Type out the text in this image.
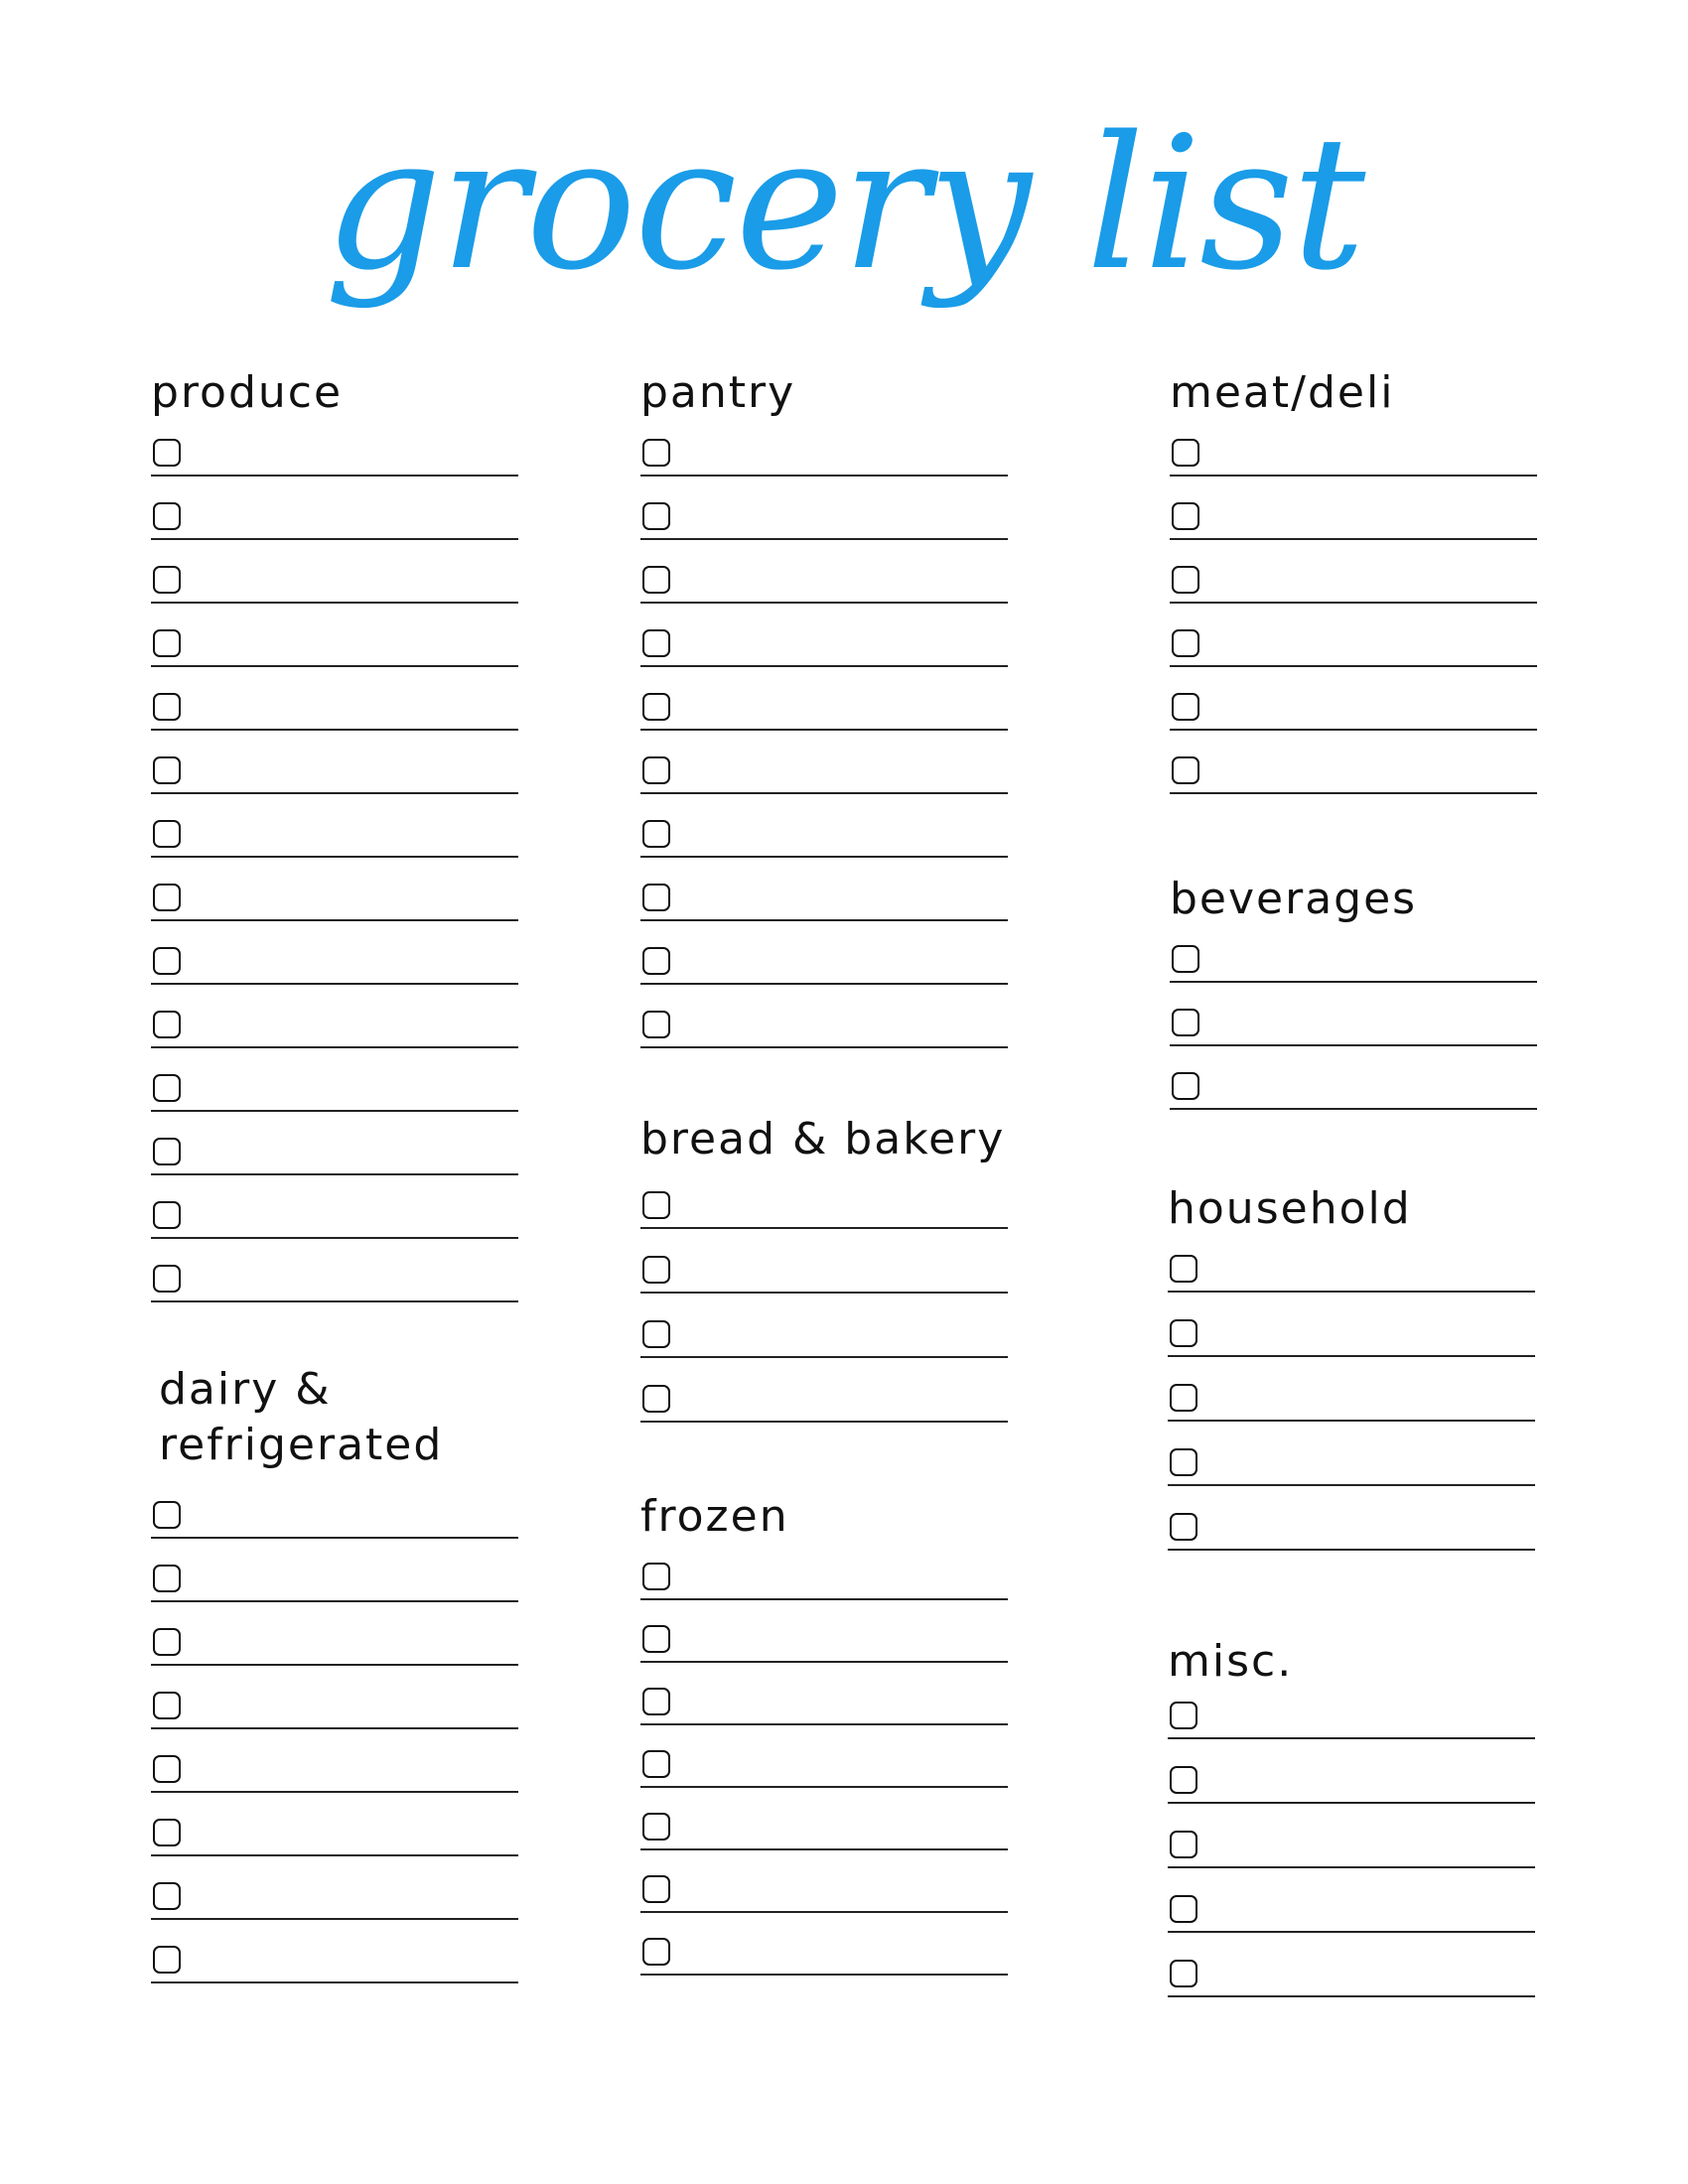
grocery list
produce
dairy &
refrigerated
pantry
bread & bakery
frozen
meat/deli
beverages
household
misc.
